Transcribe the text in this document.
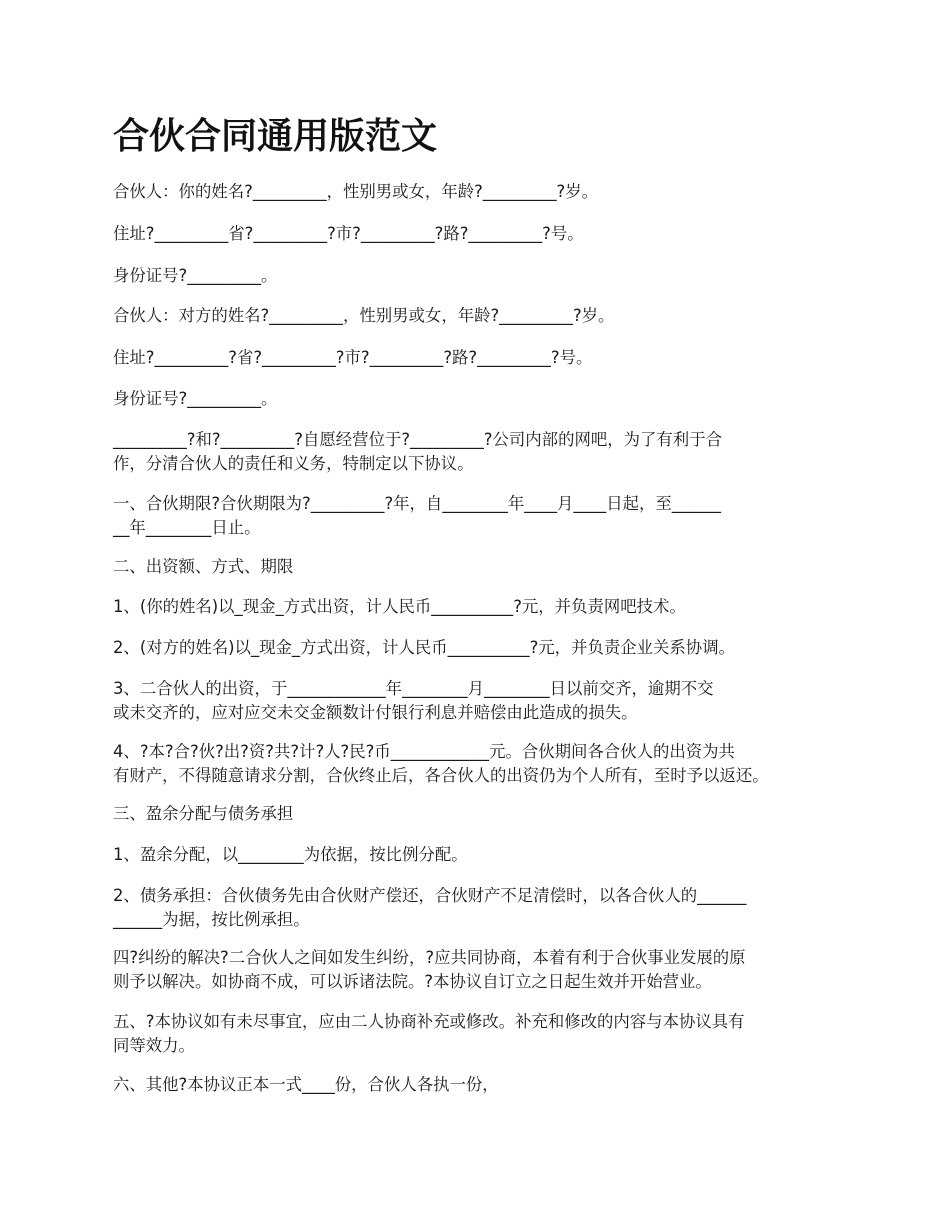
合伙合同通用版范文

合伙人：你的姓名?_________，性别男或女，年龄?_________?岁。

住址?_________省?_________?市?_________?路?_________?号。

身份证号?_________。

合伙人：对方的姓名?_________，性别男或女，年龄?_________?岁。

住址?_________?省?_________?市?_________?路?_________?号。

身份证号?_________。

_________?和?_________?自愿经营位于?_________?公司内部的网吧，为了有利于合
作，分清合伙人的责任和义务，特制定以下协议。

一、合伙期限?合伙期限为?_________?年，自________年____月____日起，至______
__年________日止。

二、出资额、方式、期限

1、(你的姓名)以_现金_方式出资，计人民币__________?元，并负责网吧技术。

2、(对方的姓名)以_现金_方式出资，计人民币__________?元，并负责企业关系协调。

3、二合伙人的出资，于____________年________月________日以前交齐，逾期不交
或未交齐的，应对应交未交金额数计付银行利息并赔偿由此造成的损失。

4、?本?合?伙?出?资?共?计?人?民?币____________元。合伙期间各合伙人的出资为共
有财产，不得随意请求分割，合伙终止后，各合伙人的出资仍为个人所有，至时予以返还。

三、盈余分配与债务承担

1、盈余分配，以________为依据，按比例分配。

2、债务承担：合伙债务先由合伙财产偿还，合伙财产不足清偿时，以各合伙人的______
______为据，按比例承担。

四?纠纷的解决?二合伙人之间如发生纠纷，?应共同协商，本着有利于合伙事业发展的原
则予以解决。如协商不成，可以诉诸法院。?本协议自订立之日起生效并开始营业。

五、?本协议如有未尽事宜，应由二人协商补充或修改。补充和修改的内容与本协议具有
同等效力。

六、其他?本协议正本一式____份，合伙人各执一份，
